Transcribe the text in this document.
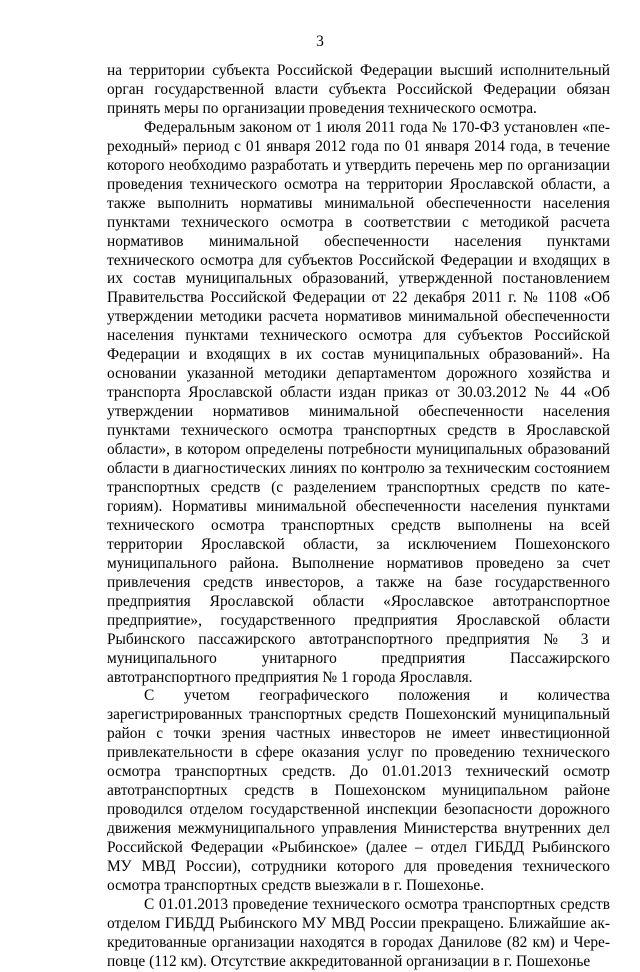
3

на территории субъекта Российской Федерации высший исполнительный орган государственной власти субъекта Российской Федерации обязан принять меры по организации проведения технического осмотра.

Федеральным законом от 1 июля 2011 года № 170-ФЗ установлен «переходный» период с 01 января 2012 года по 01 января 2014 года, в течение которого необходимо разработать и утвердить перечень мер по организации проведения технического осмотра на территории Ярославской области, а также выполнить нормативы минимальной обеспеченности населения пунктами технического осмотра в соответствии с методикой расчета нормативов минимальной обеспеченности населения пунктами технического осмотра для субъектов Российской Федерации и входящих в их состав муниципальных образований, утвержденной постановлением Правительства Российской Федерации от 22 декабря 2011 г. № 1108 «Об утверждении методики расчета нормативов минимальной обеспеченности населения пунктами технического осмотра для субъектов Российской Федерации и входящих в их состав муниципальных образований». На основании указанной методики департаментом дорожного хозяйства и транспорта Ярославской области издан приказ от 30.03.2012 № 44 «Об утверждении нормативов минимальной обеспеченности населения пунктами технического осмотра транспортных средств в Ярославской области», в котором определены потребности муниципальных образований области в диагностических линиях по контролю за техническим состоянием транспортных средств (с разделением транспортных средств по категориям). Нормативы минимальной обеспеченности населения пунктами технического осмотра транспортных средств выполнены на всей территории Ярославской области, за исключением Пошехонского муниципального района. Выполнение нормативов проведено за счет привлечения средств инвесторов, а также на базе государственного предприятия Ярославской области «Ярославское автотранспортное предприятие», государственного предприятия Ярославской области Рыбинского пассажирского автотранспортного предприятия № 3 и муниципального унитарного предприятия Пассажирского автотранспортного предприятия № 1 города Ярославля.

С учетом географического положения и количества зарегистрированных транспортных средств Пошехонский муниципальный район с точки зрения частных инвесторов не имеет инвестиционной привлекательности в сфере оказания услуг по проведению технического осмотра транспортных средств. До 01.01.2013 технический осмотр автотранспортных средств в Пошехонском муниципальном районе проводился отделом государственной инспекции безопасности дорожного движения межмуниципального управления Министерства внутренних дел Российской Федерации «Рыбинское» (далее – отдел ГИБДД Рыбинского МУ МВД России), сотрудники которого для проведения технического осмотра транспортных средств выезжали в г. Пошехонье.

С 01.01.2013 проведение технического осмотра транспортных средств отделом ГИБДД Рыбинского МУ МВД России прекращено. Ближайшие аккредитованные организации находятся в городах Данилове (82 км) и Череповце (112 км). Отсутствие аккредитованной организации в г. Пошехонье
